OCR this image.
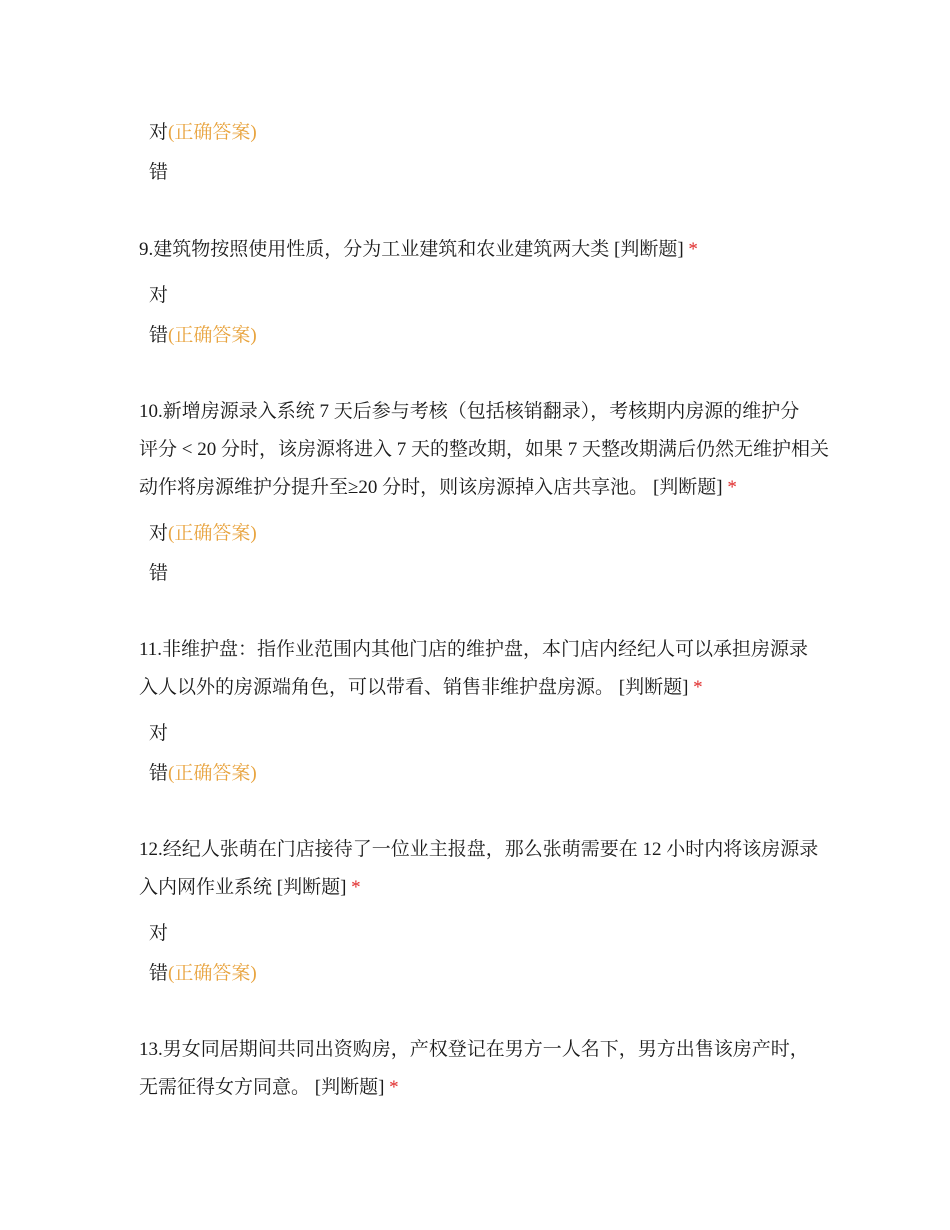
对(正确答案)
错
9.建筑物按照使用性质，分为工业建筑和农业建筑两大类 [判断题] *
对
错(正确答案)
10.新增房源录入系统 7 天后参与考核（包括核销翻录），考核期内房源的维护分
评分 < 20 分时，该房源将进入 7 天的整改期，如果 7 天整改期满后仍然无维护相关
动作将房源维护分提升至≥20 分时，则该房源掉入店共享池。 [判断题] *
对(正确答案)
错
11.非维护盘：指作业范围内其他门店的维护盘，本门店内经纪人可以承担房源录
入人以外的房源端角色，可以带看、销售非维护盘房源。 [判断题] *
对
错(正确答案)
12.经纪人张萌在门店接待了一位业主报盘，那么张萌需要在 12 小时内将该房源录
入内网作业系统 [判断题] *
对
错(正确答案)
13.男女同居期间共同出资购房，产权登记在男方一人名下，男方出售该房产时，
无需征得女方同意。 [判断题] *
